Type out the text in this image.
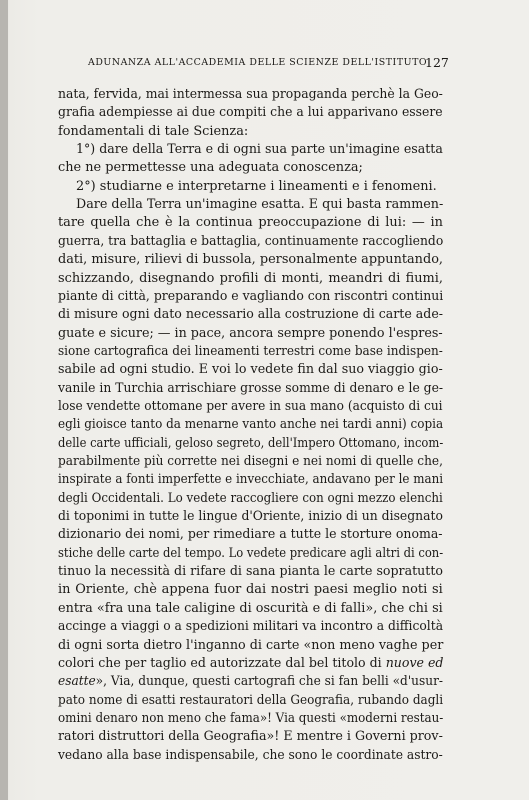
ADUNANZA ALL'ACCADEMIA DELLE SCIENZE DELL'ISTITUTO
127
nata, fervida, mai intermessa sua propaganda perchè la Geo-
grafia adempiesse ai due compiti che a lui apparivano essere
fondamentali di tale Scienza:
1°) dare della Terra e di ogni sua parte un'imagine esatta
che ne permettesse una adeguata conoscenza;
2°) studiarne e interpretarne i lineamenti e i fenomeni.
Dare della Terra un'imagine esatta. E qui basta rammen-
tare quella che è la continua preoccupazione di lui: — in
guerra, tra battaglia e battaglia, continuamente raccogliendo
dati, misure, rilievi di bussola, personalmente appuntando,
schizzando, disegnando profili di monti, meandri di fiumi,
piante di città, preparando e vagliando con riscontri continui
di misure ogni dato necessario alla costruzione di carte ade-
guate e sicure; — in pace, ancora sempre ponendo l'espres-
sione cartografica dei lineamenti terrestri come base indispen-
sabile ad ogni studio. E voi lo vedete fin dal suo viaggio gio-
vanile in Turchia arrischiare grosse somme di denaro e le ge-
lose vendette ottomane per avere in sua mano (acquisto di cui
egli gioisce tanto da menarne vanto anche nei tardi anni) copia
delle carte ufficiali, geloso segreto, dell'Impero Ottomano, incom-
parabilmente più corrette nei disegni e nei nomi di quelle che,
inspirate a fonti imperfette e invecchiate, andavano per le mani
degli Occidentali. Lo vedete raccogliere con ogni mezzo elenchi
di toponimi in tutte le lingue d'Oriente, inizio di un disegnato
dizionario dei nomi, per rimediare a tutte le storture onoma-
stiche delle carte del tempo. Lo vedete predicare agli altri di con-
tinuo la necessità di rifare di sana pianta le carte sopratutto
in Oriente, chè appena fuor dai nostri paesi meglio noti si
entra «fra una tale caligine di oscurità e di falli», che chi si
accinge a viaggi o a spedizioni militari va incontro a difficoltà
di ogni sorta dietro l'inganno di carte «non meno vaghe per
colori che per taglio ed autorizzate dal bel titolo di nuove ed
esatte», Via, dunque, questi cartografi che si fan belli «d'usur-
pato nome di esatti restauratori della Geografia, rubando dagli
omini denaro non meno che fama»! Via questi «moderni restau-
ratori distruttori della Geografia»! E mentre i Governi prov-
vedano alla base indispensabile, che sono le coordinate astro-
